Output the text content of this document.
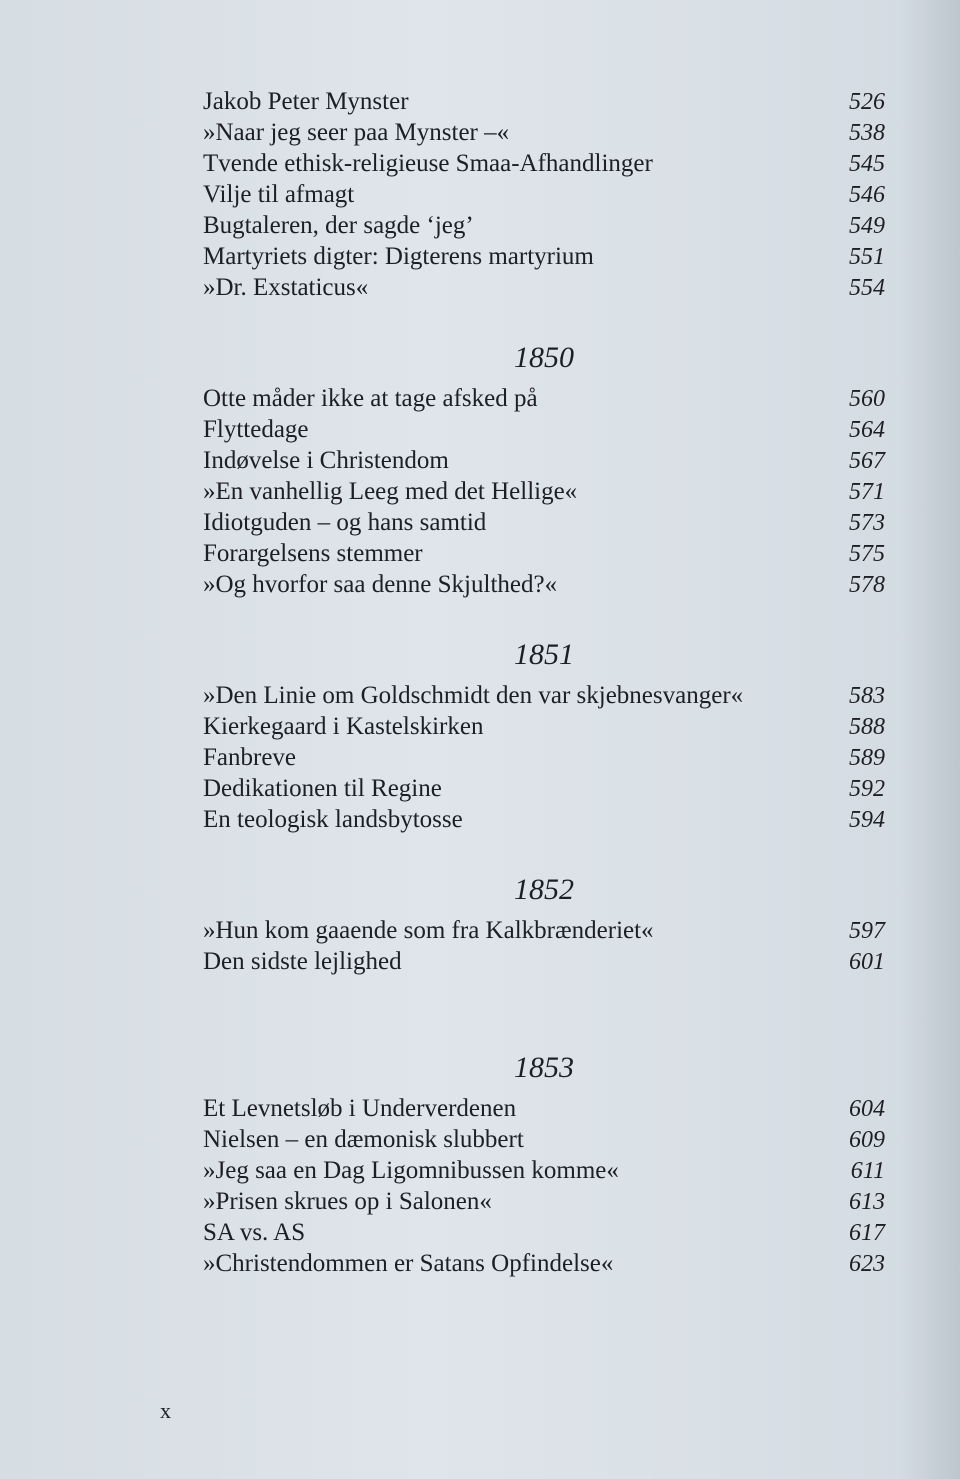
Jakob Peter Mynster	526
»Naar jeg seer paa Mynster –«	538
Tvende ethisk-religieuse Smaa-Afhandlinger	545
Vilje til afmagt	546
Bugtaleren, der sagde ‘jeg’	549
Martyriets digter: Digterens martyrium	551
»Dr. Exstaticus«	554
1850
Otte måder ikke at tage afsked på	560
Flyttedage	564
Indøvelse i Christendom	567
»En vanhellig Leeg med det Hellige«	571
Idiotguden – og hans samtid	573
Forargelsens stemmer	575
»Og hvorfor saa denne Skjulthed?«	578
1851
»Den Linie om Goldschmidt den var skjebnesvanger«	583
Kierkegaard i Kastelskirken	588
Fanbreve	589
Dedikationen til Regine	592
En teologisk landsbytosse	594
1852
»Hun kom gaaende som fra Kalkbrænderiet«	597
Den sidste lejlighed	601
1853
Et Levnetsløb i Underverdenen	604
Nielsen – en dæmonisk slubbert	609
»Jeg saa en Dag Ligomnibussen komme«	611
»Prisen skrues op i Salonen«	613
SA vs. AS	617
»Christendommen er Satans Opfindelse«	623
x
